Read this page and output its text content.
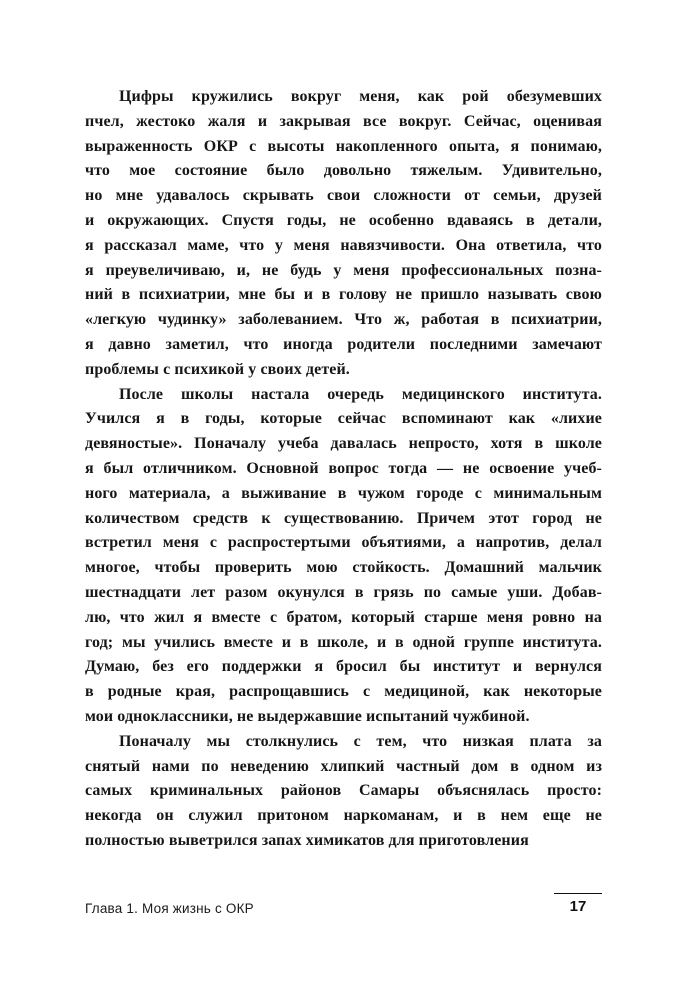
Цифры кружились вокруг меня, как рой обезумевших
пчел, жестоко жаля и закрывая все вокруг. Сейчас, оценивая
выраженность ОКР с высоты накопленного опыта, я понимаю,
что мое состояние было довольно тяжелым. Удивительно,
но мне удавалось скрывать свои сложности от семьи, друзей
и окружающих. Спустя годы, не особенно вдаваясь в детали,
я рассказал маме, что у меня навязчивости. Она ответила, что
я преувеличиваю, и, не будь у меня профессиональных позна-
ний в психиатрии, мне бы и в голову не пришло называть свою
«легкую чудинку» заболеванием. Что ж, работая в психиатрии,
я давно заметил, что иногда родители последними замечают
проблемы с психикой у своих детей.
После школы настала очередь медицинского института.
Учился я в годы, которые сейчас вспоминают как «лихие
девяностые». Поначалу учеба давалась непросто, хотя в школе
я был отличником. Основной вопрос тогда — не освоение учеб-
ного материала, а выживание в чужом городе с минимальным
количеством средств к существованию. Причем этот город не
встретил меня с распростертыми объятиями, а напротив, делал
многое, чтобы проверить мою стойкость. Домашний мальчик
шестнадцати лет разом окунулся в грязь по самые уши. Добав-
лю, что жил я вместе с братом, который старше меня ровно на
год; мы учились вместе и в школе, и в одной группе института.
Думаю, без его поддержки я бросил бы институт и вернулся
в родные края, распрощавшись с медициной, как некоторые
мои одноклассники, не выдержавшие испытаний чужбиной.
Поначалу мы столкнулись с тем, что низкая плата за
снятый нами по неведению хлипкий частный дом в одном из
самых криминальных районов Самары объяснялась просто:
некогда он служил притоном наркоманам, и в нем еще не
полностью выветрился запах химикатов для приготовления
Глава 1. Моя жизнь с ОКР	17
